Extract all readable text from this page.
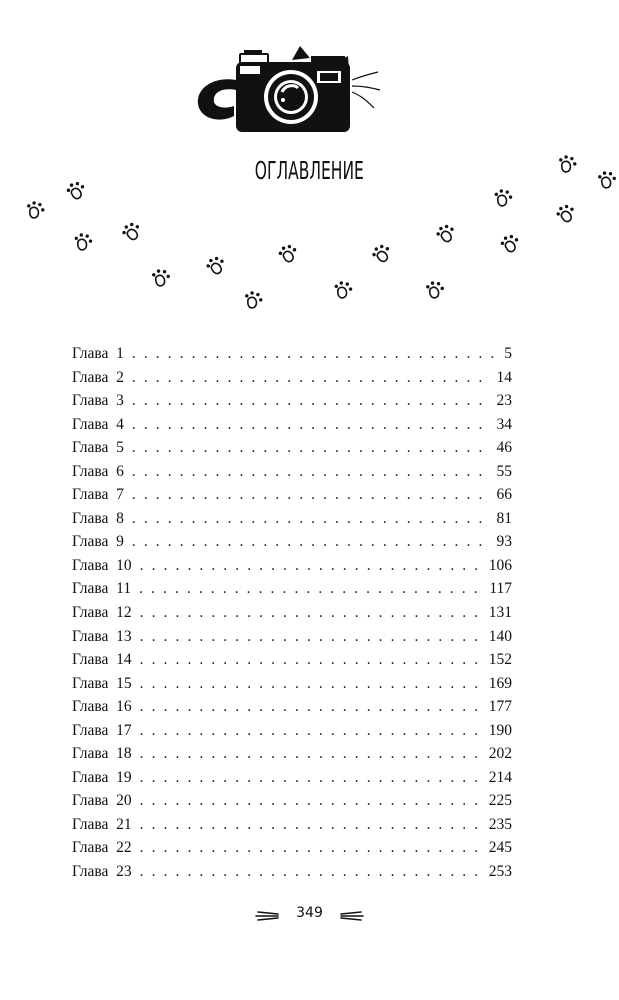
ОГЛАВЛЕНИЕ
Глава  1 . . .	5
Глава  2 . . .	14
Глава  3 . . .	23
Глава  4 . . .	34
Глава  5 . . .	46
Глава  6 . . .	55
Глава  7 . . .	66
Глава  8 . . .	81
Глава  9 . . .	93
Глава  10 . . .	106
Глава  11 . . .	117
Глава  12 . . .	131
Глава  13 . . .	140
Глава  14 . . .	152
Глава  15 . . .	169
Глава  16 . . .	177
Глава  17 . . .	190
Глава  18 . . .	202
Глава  19 . . .	214
Глава  20 . . .	225
Глава  21 . . .	235
Глава  22 . . .	245
Глава  23 . . .	253
349
